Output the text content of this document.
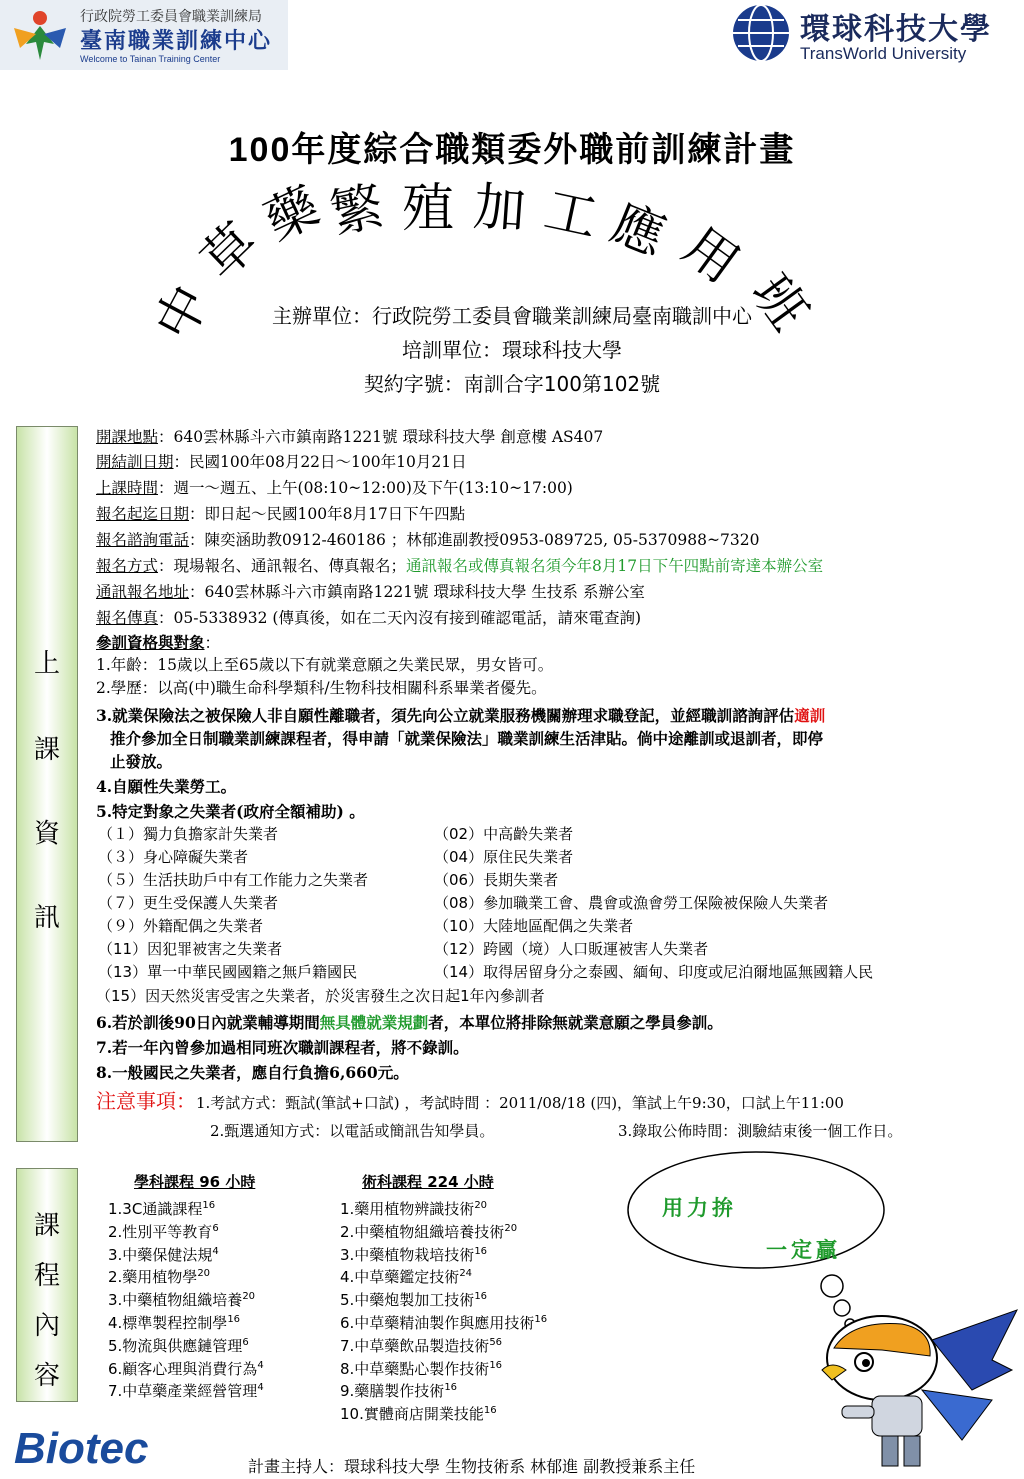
行政院勞工委員會職業訓練局
臺南職業訓練中心
Welcome to Tainan Training Center
環球科技大學
TransWorld University
100年度綜合職類委外職前訓練計畫
中
草
藥
繁 殖 加 工 應
用
班
主辦單位：行政院勞工委員會職業訓練局臺南職訓中心
培訓單位：環球科技大學
契約字號：南訓合字100第102號
上
課
資
訊
開課地點：640雲林縣斗六市鎮南路1221號 環球科技大學 創意樓 AS407
開結訓日期：民國100年08月22日～100年10月21日
上課時間：週一～週五、上午(08:10~12:00)及下午(13:10~17:00)
報名起迄日期：即日起～民國100年8月17日下午四點
報名諮詢電話：陳奕涵助教0912-460186 ；林郁進副教授0953-089725, 05-5370988~7320
報名方式：現場報名、通訊報名、傳真報名；通訊報名或傳真報名須今年8月17日下午四點前寄達本辦公室
通訊報名地址：640雲林縣斗六市鎮南路1221號 環球科技大學 生技系 系辦公室
報名傳真：05-5338932 (傳真後，如在二天內沒有接到確認電話，請來電查詢)
參訓資格與對象：
1.年齡：15歲以上至65歲以下有就業意願之失業民眾，男女皆可。
2.學歷：以高(中)職生命科學類科/生物科技相關科系畢業者優先。
3.就業保險法之被保險人非自願性離職者，須先向公立就業服務機關辦理求職登記，並經職訓諮詢評估適訓
推介參加全日制職業訓練課程者，得申請「就業保險法」職業訓練生活津貼。倘中途離訓或退訓者，即停
止發放。
4.自願性失業勞工。
5.特定對象之失業者(政府全額補助) 。
（１）獨力負擔家計失業者	（02）中高齡失業者
（３）身心障礙失業者	（04）原住民失業者
（５）生活扶助戶中有工作能力之失業者	（06）長期失業者
（７）更生受保護人失業者	（08）參加職業工會、農會或漁會勞工保險被保險人失業者
（９）外籍配偶之失業者	（10）大陸地區配偶之失業者
（11）因犯罪被害之失業者	（12）跨國（境）人口販運被害人失業者
（13）單一中華民國國籍之無戶籍國民	（14）取得居留身分之泰國、緬甸、印度或尼泊爾地區無國籍人民
（15）因天然災害受害之失業者，於災害發生之次日起1年內參訓者
6.若於訓後90日內就業輔導期間無具體就業規劃者，本單位將排除無就業意願之學員參訓。
7.若一年內曾參加過相同班次職訓課程者，將不錄訓。
8.一般國民之失業者，應自行負擔6,660元。
注意事項：1.考試方式：甄試(筆試+口試) ，考試時間 ：2011/08/18 (四)，筆試上午9:30，口試上午11:00
2.甄選通知方式：以電話或簡訊告知學員。	3.錄取公佈時間：測驗結束後一個工作日。
課
程
內
容
學科課程 96 小時	術科課程 224 小時
1.3C通識課程$^{16}$
2.性別平等教育$^6$
3.中藥保健法規$^4$
2.藥用植物學$^{20}$
3.中藥植物組織培養$^{20}$
4.標準製程控制學$^{16}$
5.物流與供應鏈管理$^6$
6.顧客心理與消費行為$^4$
7.中草藥產業經營管理$^4$
1.藥用植物辨識技術$^{20}$
2.中藥植物組織培養技術$^{20}$
3.中藥植物栽培技術$^{16}$
4.中草藥鑑定技術$^{24}$
5.中藥炮製加工技術$^{16}$
6.中草藥精油製作與應用技術$^{16}$
7.中草藥飲品製造技術$^{56}$
8.中草藥點心製作技術$^{16}$
9.藥膳製作技術$^{16}$
10.實體商店開業技能$^{16}$
用力拚
一定贏
Biotec	計畫主持人：環球科技大學 生物技術系 林郁進 副教授兼系主任
